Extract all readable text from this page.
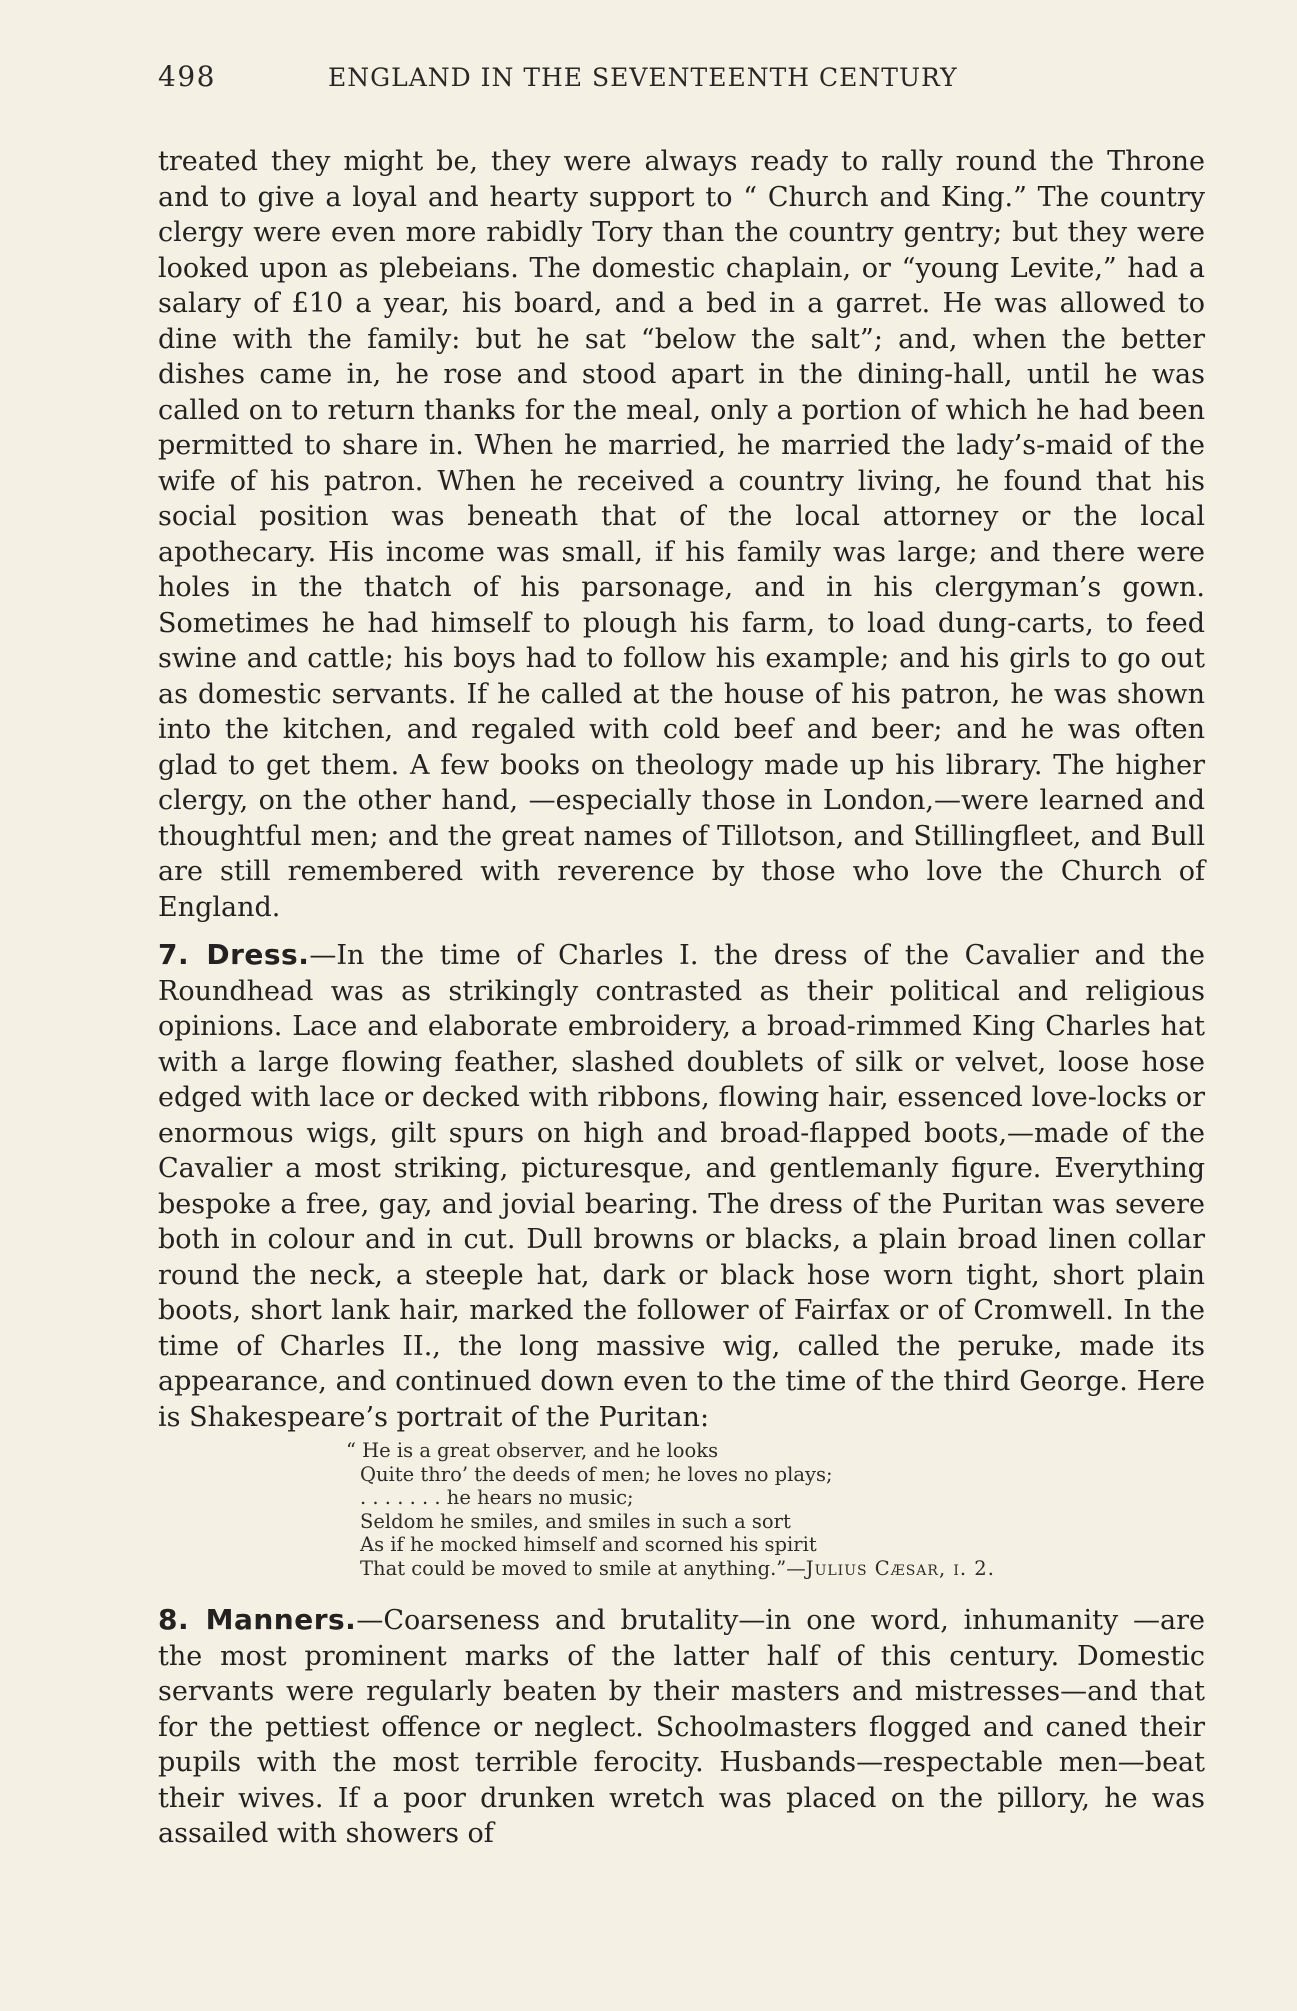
498	ENGLAND IN THE SEVENTEENTH CENTURY

treated they might be, they were always ready to rally round the Throne and to give a loyal and hearty support to “ Church and King.” The country clergy were even more rabidly Tory than the country gentry; but they were looked upon as plebeians. The domestic chaplain, or “young Levite,” had a salary of £10 a year, his board, and a bed in a garret. He was allowed to dine with the family: but he sat “below the salt”; and, when the better dishes came in, he rose and stood apart in the dining-hall, until he was called on to return thanks for the meal, only a portion of which he had been permitted to share in. When he married, he married the lady’s-maid of the wife of his patron. When he received a country living, he found that his social position was beneath that of the local attorney or the local apothecary. His income was small, if his family was large; and there were holes in the thatch of his parsonage, and in his clergyman’s gown. Sometimes he had himself to plough his farm, to load dung-carts, to feed swine and cattle; his boys had to follow his example; and his girls to go out as domestic servants. If he called at the house of his patron, he was shown into the kitchen, and regaled with cold beef and beer; and he was often glad to get them. A few books on theology made up his library. The higher clergy, on the other hand, —especially those in London,—were learned and thoughtful men; and the great names of Tillotson, and Stillingfleet, and Bull are still remembered with reverence by those who love the Church of England.

7. Dress.—In the time of Charles I. the dress of the Cavalier and the Roundhead was as strikingly contrasted as their political and religious opinions. Lace and elaborate embroidery, a broad-rimmed King Charles hat with a large flowing feather, slashed doublets of silk or velvet, loose hose edged with lace or decked with ribbons, flowing hair, essenced love-locks or enormous wigs, gilt spurs on high and broad-flapped boots,—made of the Cavalier a most striking, picturesque, and gentlemanly figure. Everything bespoke a free, gay, and jovial bearing. The dress of the Puritan was severe both in colour and in cut. Dull browns or blacks, a plain broad linen collar round the neck, a steeple hat, dark or black hose worn tight, short plain boots, short lank hair, marked the follower of Fairfax or of Cromwell. In the time of Charles II., the long massive wig, called the peruke, made its appearance, and continued down even to the time of the third George. Here is Shakespeare’s portrait of the Puritan:

“ He is a great observer, and he looks
Quite thro’ the deeds of men; he loves no plays;
. . . . . . . he hears no music;
Seldom he smiles, and smiles in such a sort
As if he mocked himself and scorned his spirit
That could be moved to smile at anything.”—Julius Cæsar, i. 2.

8. Manners.—Coarseness and brutality—in one word, inhumanity —are the most prominent marks of the latter half of this century. Domestic servants were regularly beaten by their masters and mistresses—and that for the pettiest offence or neglect. Schoolmasters flogged and caned their pupils with the most terrible ferocity. Husbands—respectable men—beat their wives. If a poor drunken wretch was placed on the pillory, he was assailed with showers of
